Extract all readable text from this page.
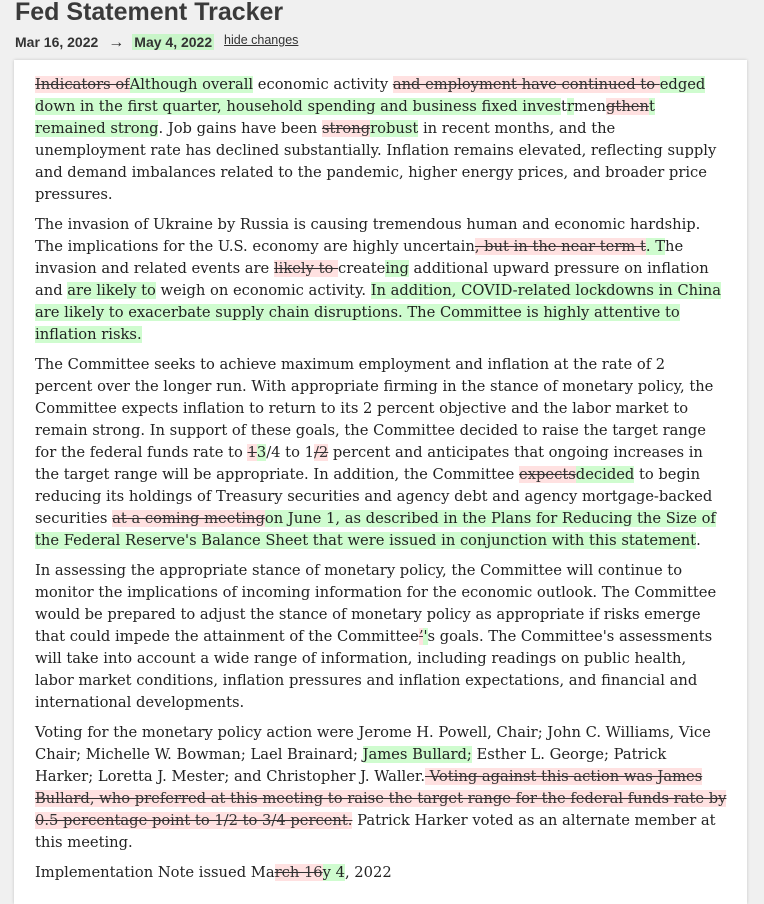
Fed Statement Tracker
Mar 16, 2022 → May 4, 2022 hide changes

Indicators ofAlthough overall economic activity and employment have continued to edged down in the first quarter, household spending and business fixed investrmengthent remained strong. Job gains have been strongrobust in recent months, and the unemployment rate has declined substantially. Inflation remains elevated, reflecting supply and demand imbalances related to the pandemic, higher energy prices, and broader price pressures.

The invasion of Ukraine by Russia is causing tremendous human and economic hardship. The implications for the U.S. economy are highly uncertain, but in the near term t. The invasion and related events are likely to createing additional upward pressure on inflation and are likely to weigh on economic activity. In addition, COVID-related lockdowns in China are likely to exacerbate supply chain disruptions. The Committee is highly attentive to inflation risks.

The Committee seeks to achieve maximum employment and inflation at the rate of 2 percent over the longer run. With appropriate firming in the stance of monetary policy, the Committee expects inflation to return to its 2 percent objective and the labor market to remain strong. In support of these goals, the Committee decided to raise the target range for the federal funds rate to 13/4 to 1/2 percent and anticipates that ongoing increases in the target range will be appropriate. In addition, the Committee expectsdecided to begin reducing its holdings of Treasury securities and agency debt and agency mortgage-backed securities at a coming meetingon June 1, as described in the Plans for Reducing the Size of the Federal Reserve's Balance Sheet that were issued in conjunction with this statement.

In assessing the appropriate stance of monetary policy, the Committee will continue to monitor the implications of incoming information for the economic outlook. The Committee would be prepared to adjust the stance of monetary policy as appropriate if risks emerge that could impede the attainment of the Committee’'s goals. The Committee's assessments will take into account a wide range of information, including readings on public health, labor market conditions, inflation pressures and inflation expectations, and financial and international developments.

Voting for the monetary policy action were Jerome H. Powell, Chair; John C. Williams, Vice Chair; Michelle W. Bowman; Lael Brainard; James Bullard; Esther L. George; Patrick Harker; Loretta J. Mester; and Christopher J. Waller. Voting against this action was James Bullard, who preferred at this meeting to raise the target range for the federal funds rate by 0.5 percentage point to 1/2 to 3/4 percent. Patrick Harker voted as an alternate member at this meeting.

Implementation Note issued March 16y 4, 2022
